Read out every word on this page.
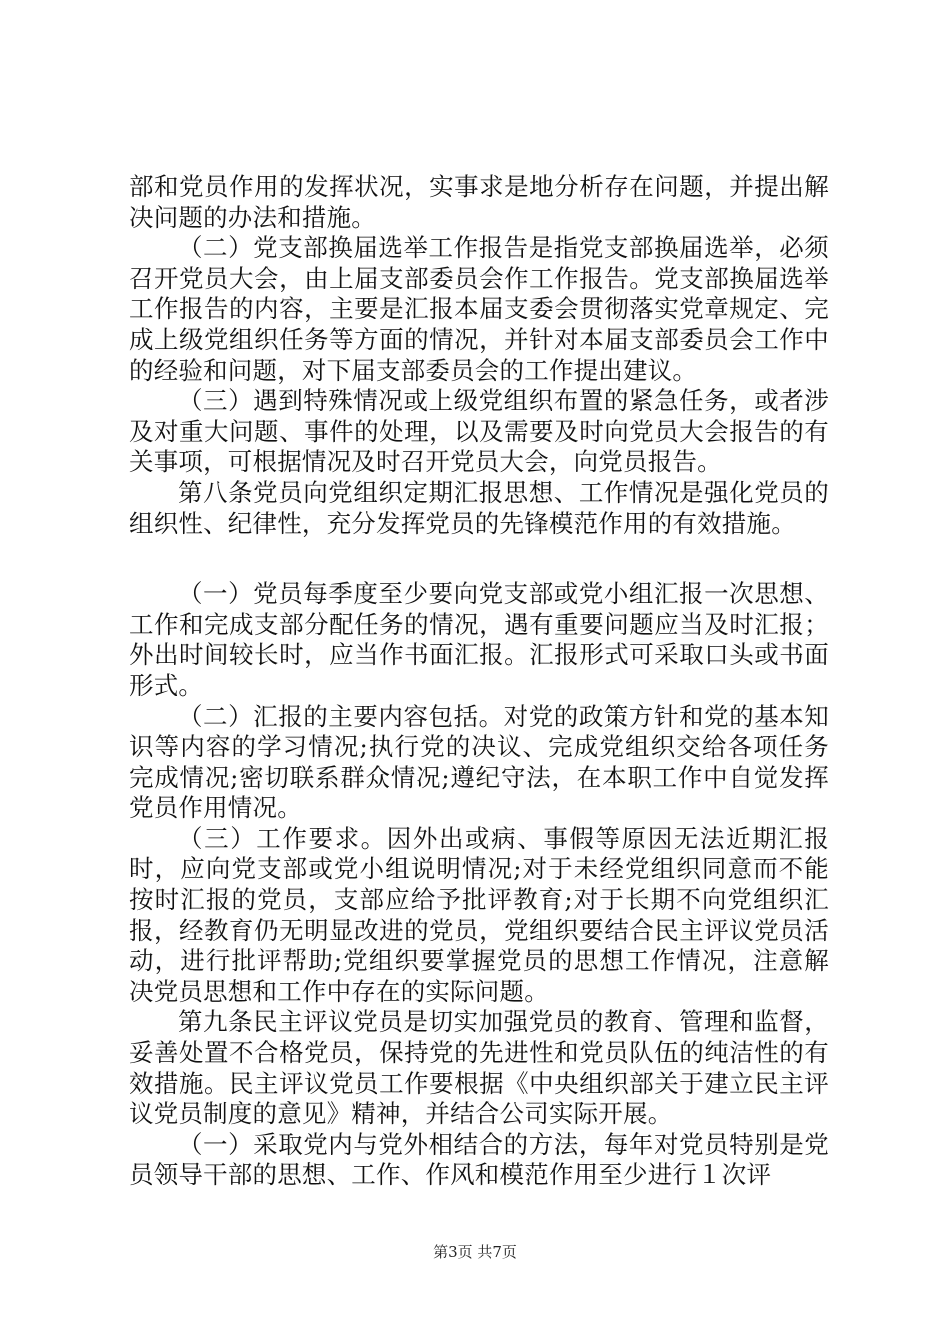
部和党员作用的发挥状况，实事求是地分析存在问题，并提出解决问题的办法和措施。

（二）党支部换届选举工作报告是指党支部换届选举，必须召开党员大会，由上届支部委员会作工作报告。党支部换届选举工作报告的内容，主要是汇报本届支委会贯彻落实党章规定、完成上级党组织任务等方面的情况，并针对本届支部委员会工作中的经验和问题，对下届支部委员会的工作提出建议。

（三）遇到特殊情况或上级党组织布置的紧急任务，或者涉及对重大问题、事件的处理，以及需要及时向党员大会报告的有关事项，可根据情况及时召开党员大会，向党员报告。

第八条党员向党组织定期汇报思想、工作情况是强化党员的组织性、纪律性，充分发挥党员的先锋模范作用的有效措施。

（一）党员每季度至少要向党支部或党小组汇报一次思想、工作和完成支部分配任务的情况，遇有重要问题应当及时汇报；外出时间较长时，应当作书面汇报。汇报形式可采取口头或书面形式。

（二）汇报的主要内容包括。对党的政策方针和党的基本知识等内容的学习情况;执行党的决议、完成党组织交给各项任务完成情况;密切联系群众情况;遵纪守法，在本职工作中自觉发挥党员作用情况。

（三）工作要求。因外出或病、事假等原因无法近期汇报时，应向党支部或党小组说明情况;对于未经党组织同意而不能按时汇报的党员，支部应给予批评教育;对于长期不向党组织汇报，经教育仍无明显改进的党员，党组织要结合民主评议党员活动，进行批评帮助;党组织要掌握党员的思想工作情况，注意解决党员思想和工作中存在的实际问题。

第九条民主评议党员是切实加强党员的教育、管理和监督，妥善处置不合格党员，保持党的先进性和党员队伍的纯洁性的有效措施。民主评议党员工作要根据《中央组织部关于建立民主评议党员制度的意见》精神，并结合公司实际开展。

（一）采取党内与党外相结合的方法，每年对党员特别是党员领导干部的思想、工作、作风和模范作用至少进行１次评

第3页 共7页
